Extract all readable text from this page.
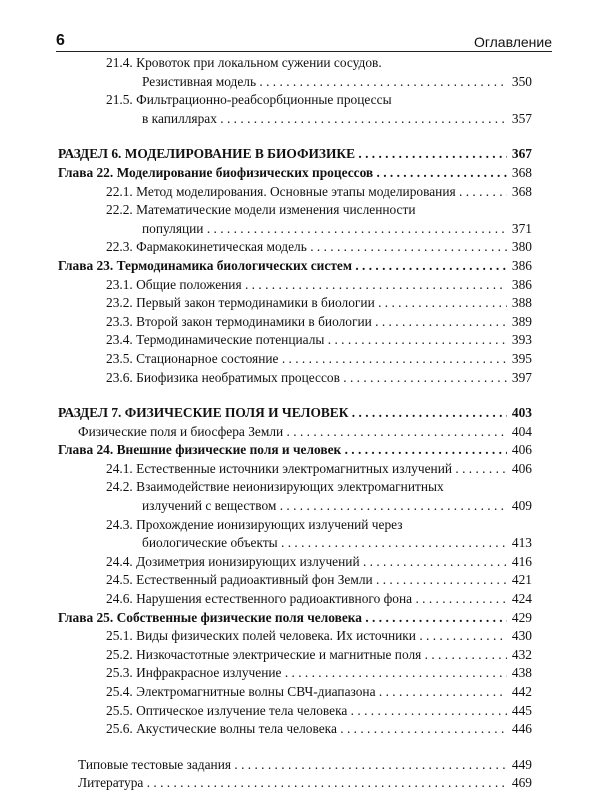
6	Оглавление
21.4. Кровоток при локальном сужении сосудов.
Резистивная модель . . .	350
21.5. Фильтрационно-реабсорбционные процессы
в капиллярах . . .	357
РАЗДЕЛ 6. МОДЕЛИРОВАНИЕ В БИОФИЗИКЕ . . .	367
Глава 22. Моделирование биофизических процессов . . .	368
22.1. Метод моделирования. Основные этапы моделирования . . .	368
22.2. Математические модели изменения численности
популяции . . .	371
22.3. Фармакокинетическая модель . . .	380
Глава 23. Термодинамика биологических систем . . .	386
23.1. Общие положения . . .	386
23.2. Первый закон термодинамики в биологии . . .	388
23.3. Второй закон термодинамики в биологии . . .	389
23.4. Термодинамические потенциалы . . .	393
23.5. Стационарное состояние . . .	395
23.6. Биофизика необратимых процессов . . .	397
РАЗДЕЛ 7. ФИЗИЧЕСКИЕ ПОЛЯ И ЧЕЛОВЕК . . .	403
Физические поля и биосфера Земли . . .	404
Глава 24. Внешние физические поля и человек . . .	406
24.1. Естественные источники электромагнитных излучений . . .	406
24.2. Взаимодействие неионизирующих электромагнитных
излучений с веществом . . .	409
24.3. Прохождение ионизирующих излучений через
биологические объекты . . .	413
24.4. Дозиметрия ионизирующих излучений . . .	416
24.5. Естественный радиоактивный фон Земли . . .	421
24.6. Нарушения естественного радиоактивного фона . . .	424
Глава 25. Собственные физические поля человека . . .	429
25.1. Виды физических полей человека. Их источники . . .	430
25.2. Низкочастотные электрические и магнитные поля . . .	432
25.3. Инфракрасное излучение . . .	438
25.4. Электромагнитные волны СВЧ-диапазона . . .	442
25.5. Оптическое излучение тела человека . . .	445
25.6. Акустические волны тела человека . . .	446
Типовые тестовые задания . . .	449
Литература . . .	469
